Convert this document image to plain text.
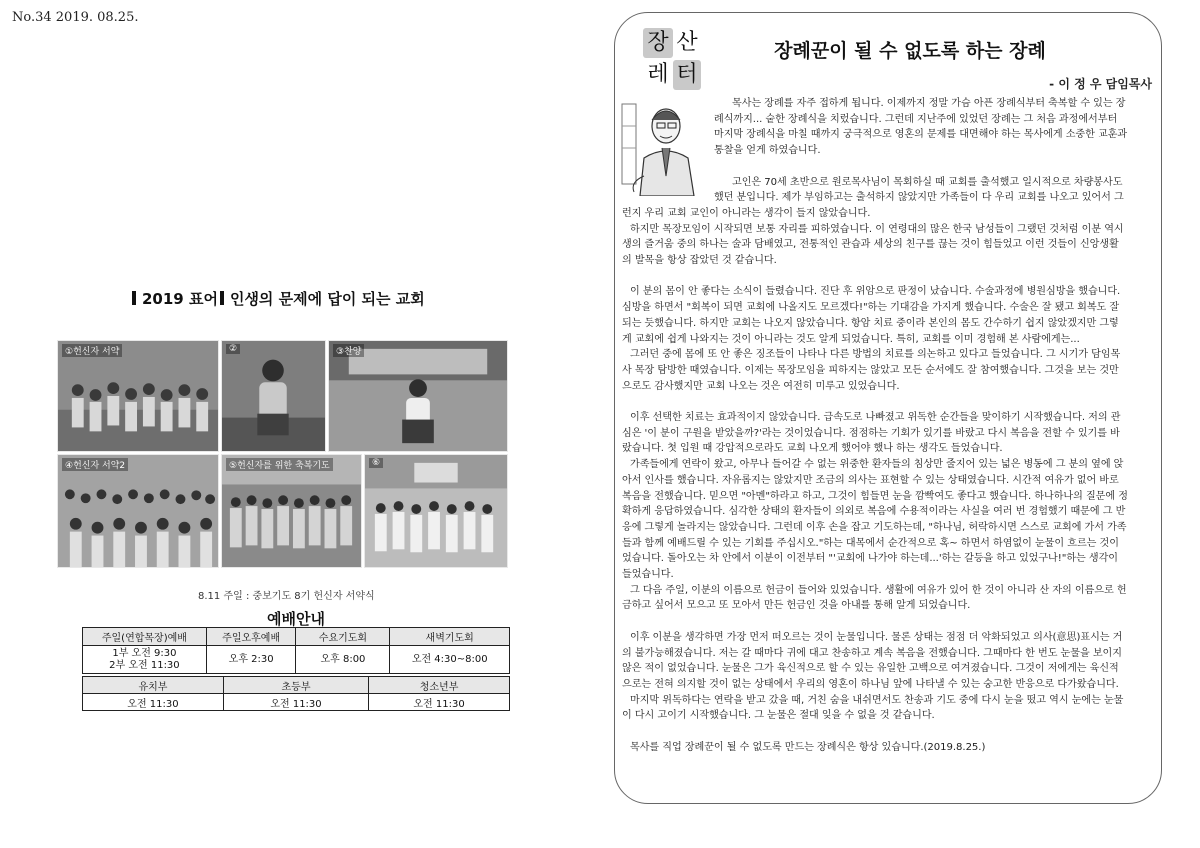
No.34 2019. 08.25.
2019 표어 인생의 문제에 답이 되는 교회
①헌신자 서약	②	③찬양
④헌신자 서약2	⑤헌신자를 위한 축복기도	⑥
8.11 주일 : 중보기도 8기 헌신자 서약식
예배안내
주일(연합목장)예배	주일오후예배	수요기도회	새벽기도회
1부 오전 9:30
2부 오전 11:30	오후 2:30	오후 8:00	오전 4:30~8:00
유치부	초등부	청소년부
오전 11:30	오전 11:30	오전 11:30
장 산
레 터
장례꾼이 될 수 없도록 하는 장례
- 이 정 우 담임목사
목사는 장례를 자주 접하게 됩니다. 이제까지 정말 가슴 아픈 장례식부터 축복할 수 있는 장례식까지... 숱한 장례식을 치렀습니다. 그런데 지난주에 있었던 장례는 그 처음 과정에서부터 마지막 장례식을 마칠 때까지 궁극적으로 영혼의 문제를 대면해야 하는 목사에게 소중한 교훈과 통찰을 얻게 하였습니다.
고인은 70세 초반으로 원로목사님이 목회하실 때 교회를 출석했고 일시적으로 차량봉사도 했던 분입니다. 제가 부임하고는 출석하지 않았지만 가족들이 다 우리 교회를 나오고 있어서 그런지 우리 교회 교인이 아니라는 생각이 들지 않았습니다.
하지만 목장모임이 시작되면 보통 자리를 피하였습니다. 이 연령대의 많은 한국 남성들이 그랬던 것처럼 이분 역시 생의 즐거움 중의 하나는 술과 담배였고, 전통적인 관습과 세상의 친구를 끊는 것이 힘들었고 이런 것들이 신앙생활의 발목을 항상 잡았던 것 같습니다.
이 분의 몸이 안 좋다는 소식이 들렸습니다. 진단 후 위암으로 판정이 났습니다. 수술과정에 병원심방을 했습니다. 심방을 하면서 "회복이 되면 교회에 나올지도 모르겠다!"하는 기대감을 가지게 했습니다. 수술은 잘 됐고 회복도 잘되는 듯했습니다. 하지만 교회는 나오지 않았습니다. 항암 치료 중이라 본인의 몸도 간수하기 쉽지 않았겠지만 그렇게 교회에 쉽게 나와지는 것이 아니라는 것도 알게 되었습니다. 특히, 교회를 이미 경험해 본 사람에게는...
그러던 중에 몸에 또 안 좋은 징조들이 나타나 다른 방법의 치료를 의논하고 있다고 들었습니다. 그 시기가 담임목사 목장 탐방한 때였습니다. 이제는 목장모임을 피하지는 않았고 모든 순서에도 잘 참여했습니다. 그것을 보는 것만으로도 감사했지만 교회 나오는 것은 여전히 미루고 있었습니다.
이후 선택한 치료는 효과적이지 않았습니다. 급속도로 나빠졌고 위독한 순간들을 맞이하기 시작했습니다. 저의 관심은 '이 분이 구원을 받았을까?'라는 것이었습니다. 점점하는 기회가 있기를 바랐고 다시 복음을 전할 수 있기를 바랐습니다. 첫 입원 때 강압적으로라도 교회 나오게 했어야 했나 하는 생각도 들었습니다.
가족들에게 연락이 왔고, 아무나 들어갈 수 없는 위중한 환자들의 침상만 줄지어 있는 넓은 병동에 그 분의 옆에 앉아서 인사를 했습니다. 자유롭지는 않았지만 조금의 의사는 표현할 수 있는 상태였습니다. 시간적 여유가 없어 바로 복음을 전했습니다. 믿으면 "아멘"하라고 하고, 그것이 힘들면 눈을 깜빡여도 좋다고 했습니다. 하나하나의 질문에 정확하게 응답하였습니다. 심각한 상태의 환자들이 의외로 복음에 수용적이라는 사실을 여러 번 경험했기 때문에 그 반응에 그렇게 놀라지는 않았습니다. 그런데 이후 손을 잡고 기도하는데, "하나님, 허락하시면 스스로 교회에 가서 가족들과 함께 예배드릴 수 있는 기회를 주십시오."하는 대목에서 순간적으로 혹~ 하면서 하염없이 눈물이 흐르는 것이었습니다. 돌아오는 차 안에서 이분이 이전부터 "'교회에 나가야 하는데...'하는 갈등을 하고 있었구나!"하는 생각이 들었습니다.
그 다음 주일, 이분의 이름으로 헌금이 들어와 있었습니다. 생활에 여유가 있어 한 것이 아니라 산 자의 이름으로 헌금하고 싶어서 모으고 또 모아서 만든 헌금인 것을 아내를 통해 알게 되었습니다.
이후 이분을 생각하면 가장 먼저 떠오르는 것이 눈물입니다. 물론 상태는 점점 더 악화되었고 의사(意思)표시는 거의 불가능해졌습니다. 저는 갈 때마다 귀에 대고 찬송하고 계속 복음을 전했습니다. 그때마다 한 번도 눈물을 보이지 않은 적이 없었습니다. 눈물은 그가 육신적으로 할 수 있는 유일한 고백으로 여겨졌습니다. 그것이 저에게는 육신적으로는 전혀 의지할 것이 없는 상태에서 우리의 영혼이 하나님 앞에 나타낼 수 있는 숭고한 반응으로 다가왔습니다.
마지막 위독하다는 연락을 받고 갔을 때, 거친 숨을 내쉬면서도 찬송과 기도 중에 다시 눈을 떴고 역시 눈에는 눈물이 다시 고이기 시작했습니다. 그 눈물은 절대 잊을 수 없을 것 같습니다.
목사를 직업 장례꾼이 될 수 없도록 만드는 장례식은 항상 있습니다.(2019.8.25.)
